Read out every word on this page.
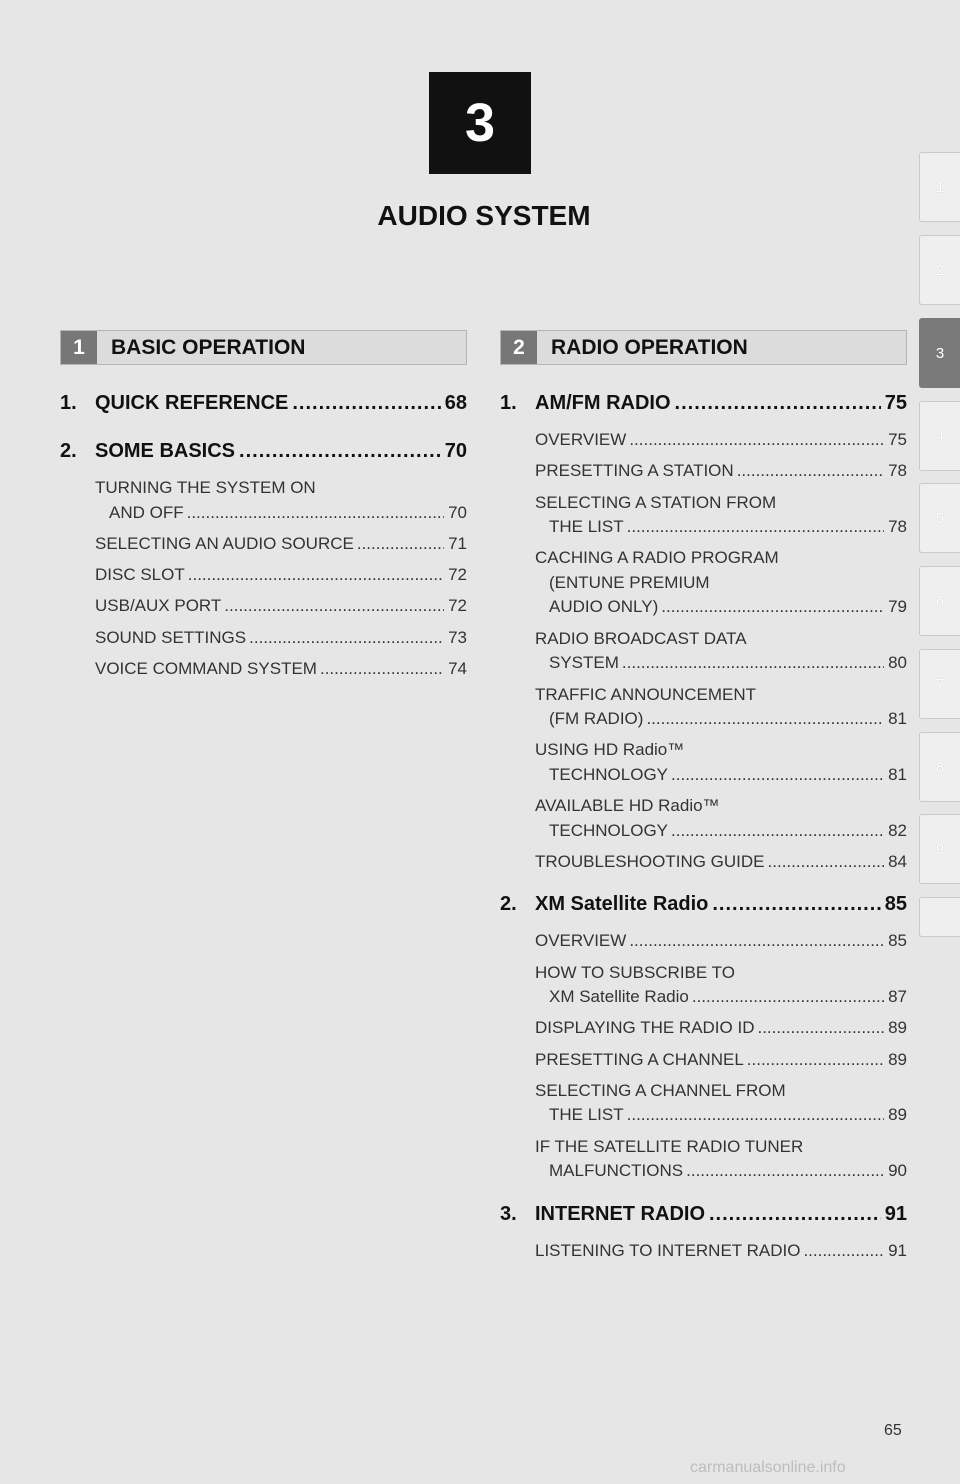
3
AUDIO SYSTEM
1
2
3
4
5
6
7
8
9
1	BASIC OPERATION	2	RADIO OPERATION
1. QUICK REFERENCE .....	68
2. SOME BASICS .....	70
TURNING THE SYSTEM ON
AND OFF .....	70
SELECTING AN AUDIO SOURCE .....	71
DISC SLOT .....	72
USB/AUX PORT .....	72
SOUND SETTINGS .....	73
VOICE COMMAND SYSTEM .....	74
1. AM/FM RADIO .....	75
OVERVIEW .....	75
PRESETTING A STATION .....	78
SELECTING A STATION FROM
THE LIST .....	78
CACHING A RADIO PROGRAM
(ENTUNE PREMIUM
AUDIO ONLY) .....	79
RADIO BROADCAST DATA
SYSTEM .....	80
TRAFFIC ANNOUNCEMENT
(FM RADIO) .....	81
USING HD Radio™
TECHNOLOGY .....	81
AVAILABLE HD Radio™
TECHNOLOGY .....	82
TROUBLESHOOTING GUIDE .....	84
2. XM Satellite Radio .....	85
OVERVIEW .....	85
HOW TO SUBSCRIBE TO
XM Satellite Radio .....	87
DISPLAYING THE RADIO ID .....	89
PRESETTING A CHANNEL .....	89
SELECTING A CHANNEL FROM
THE LIST .....	89
IF THE SATELLITE RADIO TUNER
MALFUNCTIONS .....	90
3. INTERNET RADIO .....	91
LISTENING TO INTERNET RADIO .....	91
65
carmanualsonline.info
